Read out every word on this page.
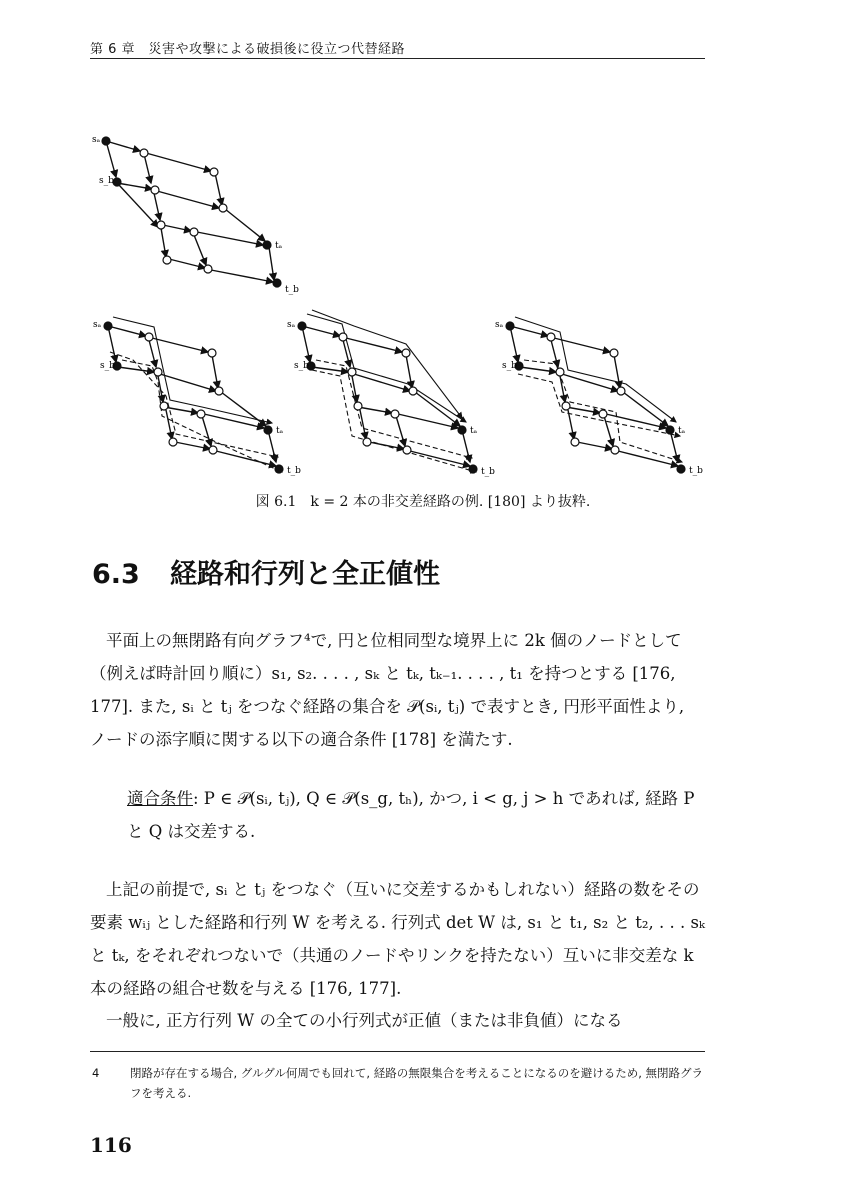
第 6 章　災害や攻撃による破損後に役立つ代替経路
sₐ
s_b
tₐ
t_b
sₐ
s_b
tₐ
t_b
sₐ
s_b
tₐ
t_b
sₐ
s_b
tₐ
t_b
図 6.1　k = 2 本の非交差経路の例. [180] より抜粋.
6.3 経路和行列と全正値性

平面上の無閉路有向グラフ⁴で, 円と位相同型な境界上に 2k 個のノードとして（例えば時計回り順に）s₁, s₂. . . . , sₖ と tₖ, tₖ₋₁. . . . , t₁ を持つとする [176, 177]. また, sᵢ と tⱼ をつなぐ経路の集合を 𝒫(sᵢ, tⱼ) で表すとき, 円形平面性より, ノードの添字順に関する以下の適合条件 [178] を満たす.

適合条件: P ∈ 𝒫(sᵢ, tⱼ), Q ∈ 𝒫(s_g, tₕ), かつ, i < g, j > h であれば, 経路 P と Q は交差する.

上記の前提で, sᵢ と tⱼ をつなぐ（互いに交差するかもしれない）経路の数をその要素 wᵢⱼ とした経路和行列 W を考える. 行列式 det W は, s₁ と t₁, s₂ と t₂, . . . sₖ と tₖ, をそれぞれつないで（共通のノードやリンクを持たない）互いに非交差な k 本の経路の組合せ数を与える [176, 177].

一般に, 正方行列 W の全ての小行列式が正値（または非負値）になる

4	閉路が存在する場合, グルグル何周でも回れて, 経路の無限集合を考えることになるのを避けるため, 無閉路グラフを考える.
116
